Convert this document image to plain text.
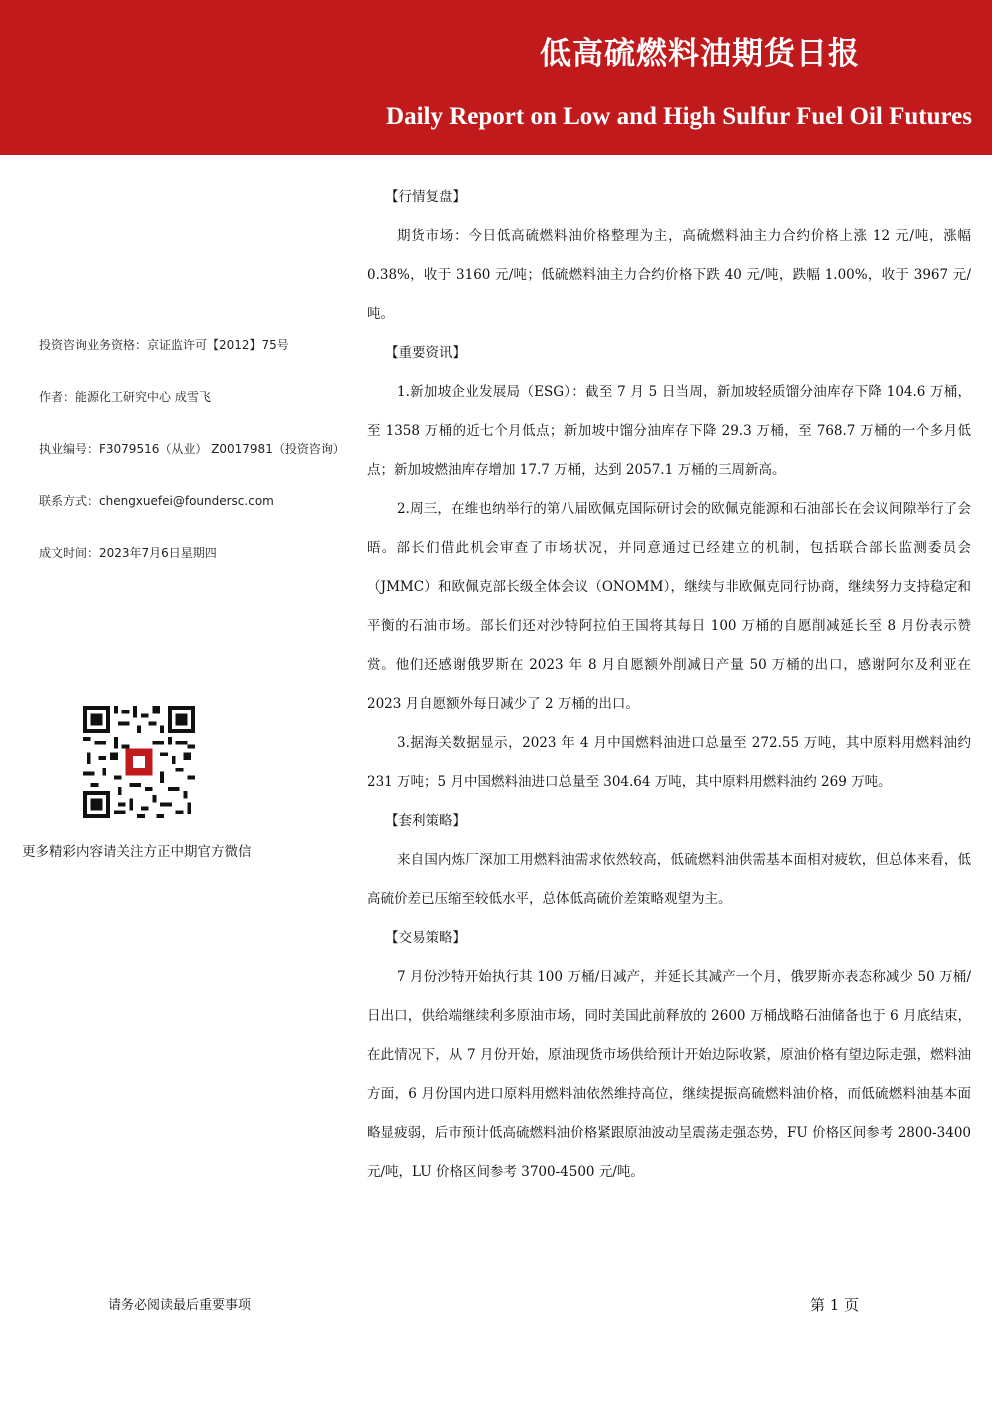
低高硫燃料油期货日报
Daily Report on Low and High Sulfur Fuel Oil Futures
投资咨询业务资格：京证监许可【2012】75号
作者：能源化工研究中心 成雪飞
执业编号：F3079516（从业） Z0017981（投资咨询）
联系方式：chengxuefei@foundersc.com
成文时间：2023年7月6日星期四
更多精彩内容请关注方正中期官方微信
【行情复盘】

期货市场：今日低高硫燃料油价格整理为主，高硫燃料油主力合约价格上涨 12 元/吨，涨幅 0.38%，收于 3160 元/吨；低硫燃料油主力合约价格下跌 40 元/吨，跌幅 1.00%，收于 3967 元/吨。

【重要资讯】

1.新加坡企业发展局（ESG）：截至 7 月 5 日当周，新加坡轻质馏分油库存下降 104.6 万桶，至 1358 万桶的近七个月低点；新加坡中馏分油库存下降 29.3 万桶，至 768.7 万桶的一个多月低点；新加坡燃油库存增加 17.7 万桶，达到 2057.1 万桶的三周新高。

2.周三，在维也纳举行的第八届欧佩克国际研讨会的欧佩克能源和石油部长在会议间隙举行了会晤。部长们借此机会审查了市场状况，并同意通过已经建立的机制，包括联合部长监测委员会（JMMC）和欧佩克部长级全体会议（ONOMM），继续与非欧佩克同行协商，继续努力支持稳定和平衡的石油市场。部长们还对沙特阿拉伯王国将其每日 100 万桶的自愿削减延长至 8 月份表示赞赏。他们还感谢俄罗斯在 2023 年 8 月自愿额外削减日产量 50 万桶的出口，感谢阿尔及利亚在 2023 月自愿额外每日减少了 2 万桶的出口。

3.据海关数据显示，2023 年 4 月中国燃料油进口总量至 272.55 万吨，其中原料用燃料油约 231 万吨；5 月中国燃料油进口总量至 304.64 万吨，其中原料用燃料油约 269 万吨。

【套利策略】

来自国内炼厂深加工用燃料油需求依然较高，低硫燃料油供需基本面相对疲软，但总体来看，低高硫价差已压缩至较低水平，总体低高硫价差策略观望为主。

【交易策略】

7 月份沙特开始执行其 100 万桶/日减产，并延长其减产一个月，俄罗斯亦表态称减少 50 万桶/日出口，供给端继续利多原油市场，同时美国此前释放的 2600 万桶战略石油储备也于 6 月底结束，在此情况下，从 7 月份开始，原油现货市场供给预计开始边际收紧，原油价格有望边际走强，燃料油方面，6 月份国内进口原料用燃料油依然维持高位，继续提振高硫燃料油价格，而低硫燃料油基本面略显疲弱，后市预计低高硫燃料油价格紧跟原油波动呈震荡走强态势，FU 价格区间参考 2800-3400 元/吨，LU 价格区间参考 3700-4500 元/吨。

请务必阅读最后重要事项	第 1 页
